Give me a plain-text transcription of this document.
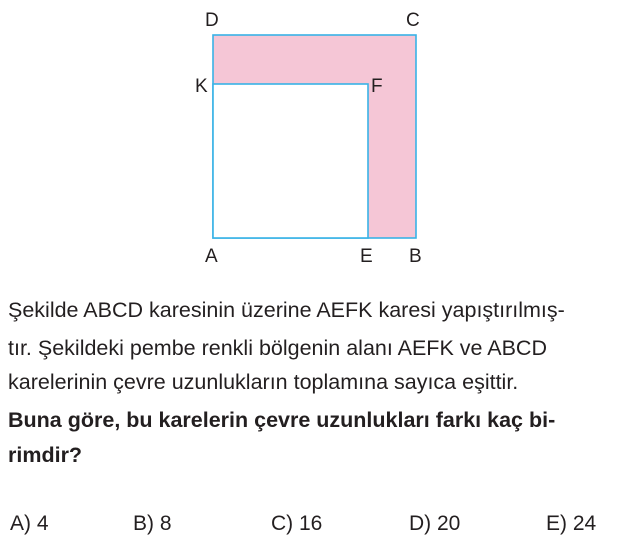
D	C
K	F
A	E B
Şekilde ABCD karesinin üzerine AEFK karesi yapıştırılmış-
tır. Şekildeki pembe renkli bölgenin alanı AEFK ve ABCD
karelerinin çevre uzunlukların toplamına sayıca eşittir.
Buna göre, bu karelerin çevre uzunlukları farkı kaç bi-
rimdir?
A) 4	B) 8	C) 16	D) 20	E) 24
